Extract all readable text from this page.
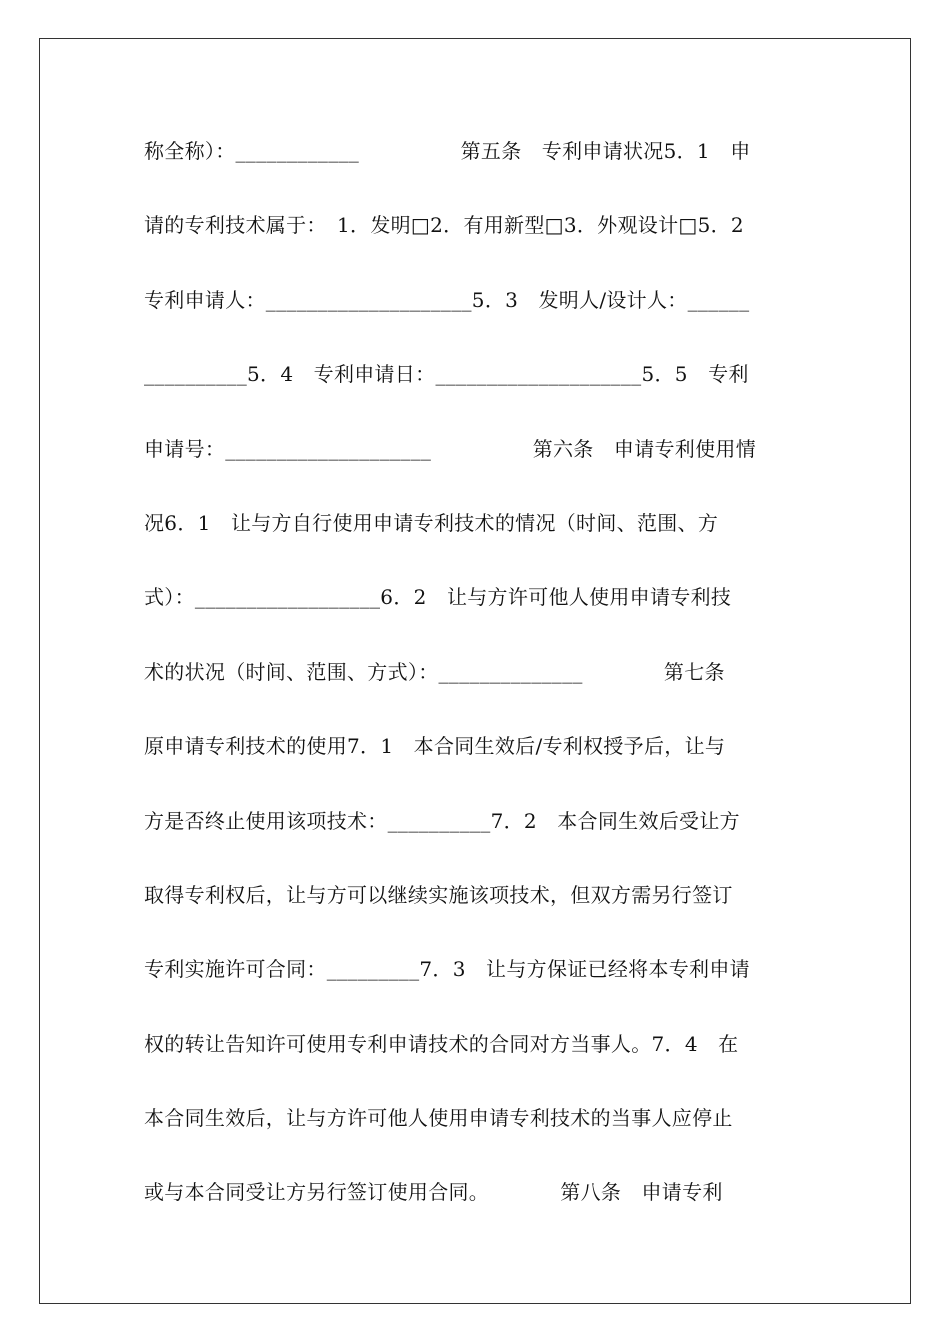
称全称）：____________　　　　　第五条　专利申请状况5．1　申
请的专利技术属于：　1．发明□2．有用新型□3．外观设计□5．2
专利申请人：____________________5．3　发明人/设计人：______
__________5．4　专利申请日：____________________5．5　专利
申请号：____________________　　　　　第六条　申请专利使用情
况6．1　让与方自行使用申请专利技术的情况（时间、范围、方
式）：__________________6．2　让与方许可他人使用申请专利技
术的状况（时间、范围、方式）：______________　　　　第七条
原申请专利技术的使用7．1　本合同生效后/专利权授予后，让与
方是否终止使用该项技术：__________7．2　本合同生效后受让方
取得专利权后，让与方可以继续实施该项技术，但双方需另行签订
专利实施许可合同：_________7．3　让与方保证已经将本专利申请
权的转让告知许可使用专利申请技术的合同对方当事人。7．4　在
本合同生效后，让与方许可他人使用申请专利技术的当事人应停止
或与本合同受让方另行签订使用合同。　　　　第八条　申请专利
